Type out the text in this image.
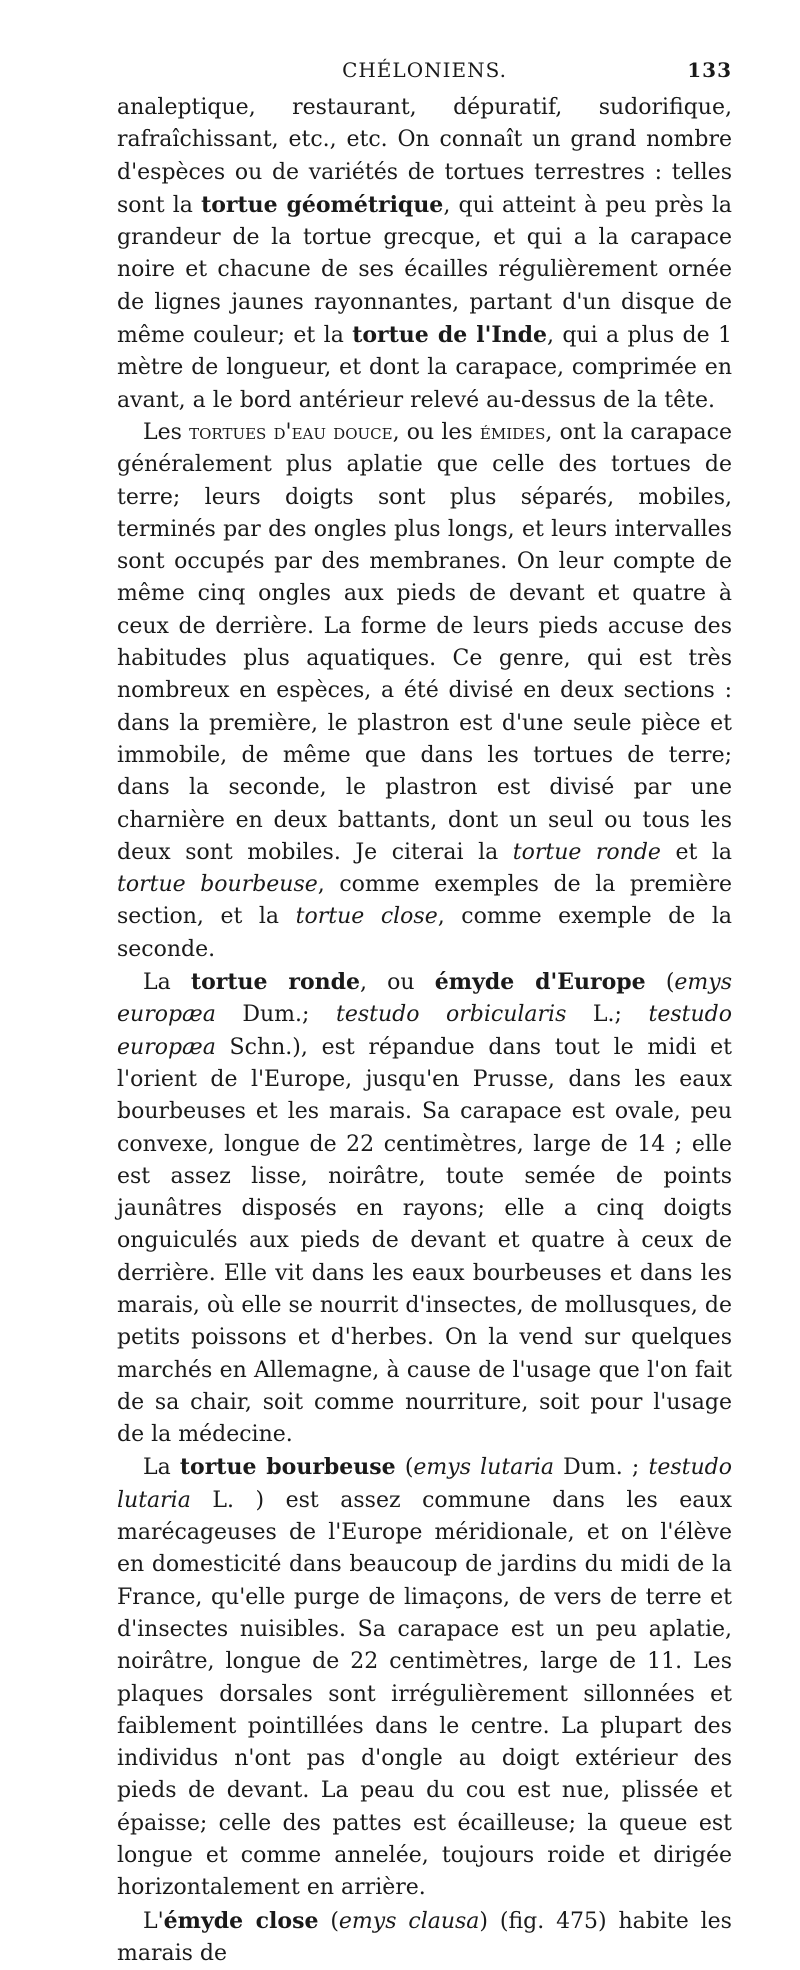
CHÉLONIENS.	133

analeptique, restaurant, dépuratif, sudorifique, rafraîchissant, etc., etc. On connaît un grand nombre d'espèces ou de variétés de tortues terrestres : telles sont la tortue géométrique, qui atteint à peu près la grandeur de la tortue grecque, et qui a la carapace noire et chacune de ses écailles régulièrement ornée de lignes jaunes rayonnantes, partant d'un disque de même couleur; et la tortue de l'Inde, qui a plus de 1 mètre de longueur, et dont la carapace, comprimée en avant, a le bord antérieur relevé au-dessus de la tête.

Les tortues d'eau douce, ou les émides, ont la carapace généralement plus aplatie que celle des tortues de terre; leurs doigts sont plus séparés, mobiles, terminés par des ongles plus longs, et leurs intervalles sont occupés par des membranes. On leur compte de même cinq ongles aux pieds de devant et quatre à ceux de derrière. La forme de leurs pieds accuse des habitudes plus aquatiques. Ce genre, qui est très nombreux en espèces, a été divisé en deux sections : dans la première, le plastron est d'une seule pièce et immobile, de même que dans les tortues de terre; dans la seconde, le plastron est divisé par une charnière en deux battants, dont un seul ou tous les deux sont mobiles. Je citerai la tortue ronde et la tortue bourbeuse, comme exemples de la première section, et la tortue close, comme exemple de la seconde.

La tortue ronde, ou émyde d'Europe (emys europæa Dum.; testudo orbicularis L.; testudo europæa Schn.), est répandue dans tout le midi et l'orient de l'Europe, jusqu'en Prusse, dans les eaux bourbeuses et les marais. Sa carapace est ovale, peu convexe, longue de 22 centimètres, large de 14 ; elle est assez lisse, noirâtre, toute semée de points jaunâtres disposés en rayons; elle a cinq doigts onguiculés aux pieds de devant et quatre à ceux de derrière. Elle vit dans les eaux bourbeuses et dans les marais, où elle se nourrit d'insectes, de mollusques, de petits poissons et d'herbes. On la vend sur quelques marchés en Allemagne, à cause de l'usage que l'on fait de sa chair, soit comme nourriture, soit pour l'usage de la médecine.

La tortue bourbeuse (emys lutaria Dum. ; testudo lutaria L. ) est assez commune dans les eaux marécageuses de l'Europe méridionale, et on l'élève en domesticité dans beaucoup de jardins du midi de la France, qu'elle purge de limaçons, de vers de terre et d'insectes nuisibles. Sa carapace est un peu aplatie, noirâtre, longue de 22 centimètres, large de 11. Les plaques dorsales sont irrégulièrement sillonnées et faiblement pointillées dans le centre. La plupart des individus n'ont pas d'ongle au doigt extérieur des pieds de devant. La peau du cou est nue, plissée et épaisse; celle des pattes est écailleuse; la queue est longue et comme annelée, toujours roide et dirigée horizontalement en arrière.

L'émyde close (emys clausa) (fig. 475) habite les marais de
